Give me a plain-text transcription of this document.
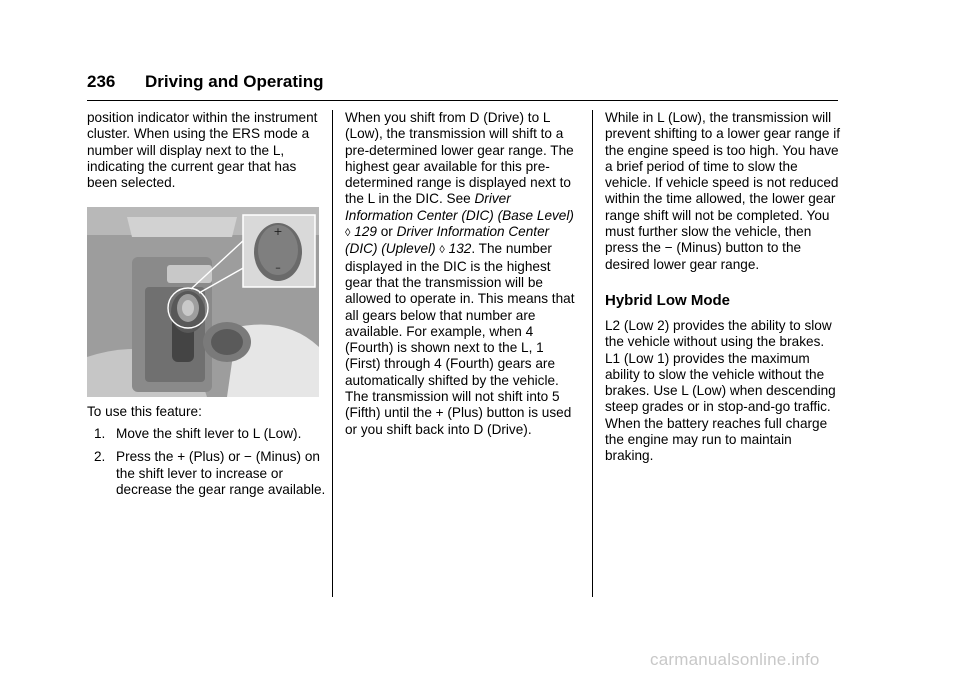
236 Driving and Operating

position indicator within the instrument cluster. When using the ERS mode a number will display next to the L, indicating the current gear that has been selected.

+
–
To use this feature:
1. Move the shift lever to L (Low).
2. Press the + (Plus) or − (Minus) on the shift lever to increase or decrease the gear range available.

When you shift from D (Drive) to L (Low), the transmission will shift to a pre-determined lower gear range. The highest gear available for this pre-determined range is displayed next to the L in the DIC. See Driver Information Center (DIC) (Base Level) ◊ 129 or Driver Information Center (DIC) (Uplevel) ◊ 132. The number displayed in the DIC is the highest gear that the transmission will be allowed to operate in. This means that all gears below that number are available. For example, when 4 (Fourth) is shown next to the L, 1 (First) through 4 (Fourth) gears are automatically shifted by the vehicle. The transmission will not shift into 5 (Fifth) until the + (Plus) button is used or you shift back into D (Drive).

While in L (Low), the transmission will prevent shifting to a lower gear range if the engine speed is too high. You have a brief period of time to slow the vehicle. If vehicle speed is not reduced within the time allowed, the lower gear range shift will not be completed. You must further slow the vehicle, then press the − (Minus) button to the desired lower gear range.

Hybrid Low Mode

L2 (Low 2) provides the ability to slow the vehicle without using the brakes. L1 (Low 1) provides the maximum ability to slow the vehicle without the brakes. Use L (Low) when descending steep grades or in stop-and-go traffic. When the battery reaches full charge the engine may run to maintain braking.

carmanualsonline.info
